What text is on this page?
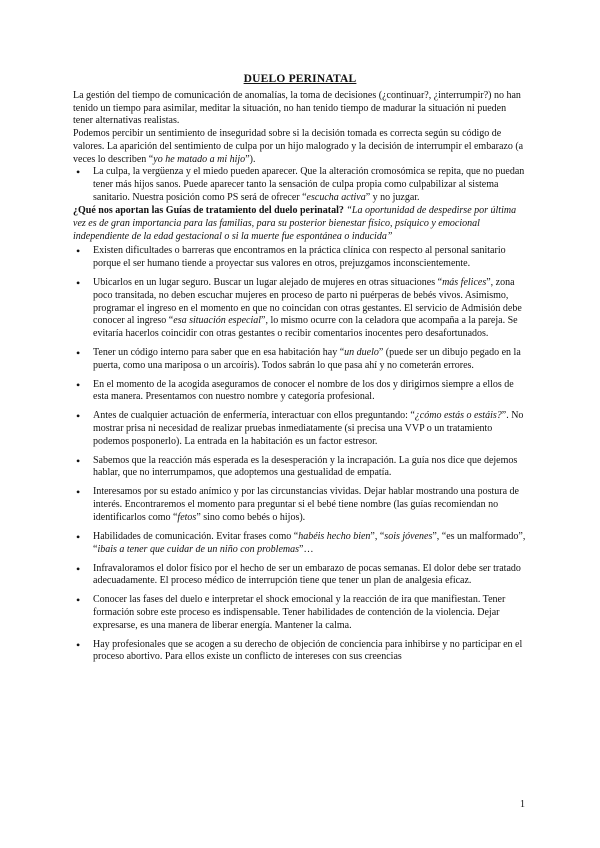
DUELO PERINATAL

La gestión del tiempo de comunicación de anomalías, la toma de decisiones (¿continuar?, ¿interrumpir?) no han tenido un tiempo para asimilar, meditar la situación, no han tenido tiempo de madurar la situación ni pueden tener alternativas realistas.

Podemos percibir un sentimiento de inseguridad sobre si la decisión tomada es correcta según su código de valores. La aparición del sentimiento de culpa por un hijo malogrado y la decisión de interrumpir el embarazo (a veces lo describen “yo he matado a mi hijo”).

• La culpa, la vergüenza y el miedo pueden aparecer. Que la alteración cromosómica se repita, que no puedan tener más hijos sanos. Puede aparecer tanto la sensación de culpa propia como culpabilizar al sistema sanitario. Nuestra posición como PS será de ofrecer “escucha activa” y no juzgar.

¿Qué nos aportan las Guías de tratamiento del duelo perinatal? “La oportunidad de despedirse por última vez es de gran importancia para las familias, para su posterior bienestar físico, psíquico y emocional independiente de la edad gestacional o si la muerte fue espontánea o inducida”

• Existen dificultades o barreras que encontramos en la práctica clínica con respecto al personal sanitario porque el ser humano tiende a proyectar sus valores en otros, prejuzgamos inconscientemente.
• Ubicarlos en un lugar seguro. Buscar un lugar alejado de mujeres en otras situaciones “más felices”, zona poco transitada, no deben escuchar mujeres en proceso de parto ni puérperas de bebés vivos. Asimismo, programar el ingreso en el momento en que no coincidan con otras gestantes. El servicio de Admisión debe conocer al ingreso “esa situación especial”, lo mismo ocurre con la celadora que acompaña a la pareja. Se evitaría hacerlos coincidir con otras gestantes o recibir comentarios inocentes pero desafortunados.
• Tener un código interno para saber que en esa habitación hay “un duelo” (puede ser un dibujo pegado en la puerta, como una mariposa o un arcoíris). Todos sabrán lo que pasa ahí y no cometerán errores.
• En el momento de la acogida aseguramos de conocer el nombre de los dos y dirigirnos siempre a ellos de esta manera. Presentamos con nuestro nombre y categoría profesional.
• Antes de cualquier actuación de enfermería, interactuar con ellos preguntando: “¿cómo estás o estáis?”. No mostrar prisa ni necesidad de realizar pruebas inmediatamente (si precisa una VVP o un tratamiento podemos posponerlo). La entrada en la habitación es un factor estresor.
• Sabemos que la reacción más esperada es la desesperación y la incrapación. La guía nos dice que dejemos hablar, que no interrumpamos, que adoptemos una gestualidad de empatía.
• Interesamos por su estado anímico y por las circunstancias vividas. Dejar hablar mostrando una postura de interés. Encontraremos el momento para preguntar si el bebé tiene nombre (las guías recomiendan no identificarlos como “fetos” sino como bebés o hijos).
• Habilidades de comunicación. Evitar frases como “habéis hecho bien”, “sois jóvenes”, “es un malformado”, “ibais a tener que cuidar de un niño con problemas”…
• Infravaloramos el dolor físico por el hecho de ser un embarazo de pocas semanas. El dolor debe ser tratado adecuadamente. El proceso médico de interrupción tiene que tener un plan de analgesia eficaz.
• Conocer las fases del duelo e interpretar el shock emocional y la reacción de ira que manifiestan. Tener formación sobre este proceso es indispensable. Tener habilidades de contención de la violencia. Dejar expresarse, es una manera de liberar energía. Mantener la calma.
• Hay profesionales que se acogen a su derecho de objeción de conciencia para inhibirse y no participar en el proceso abortivo. Para ellos existe un conflicto de intereses con sus creencias
1
